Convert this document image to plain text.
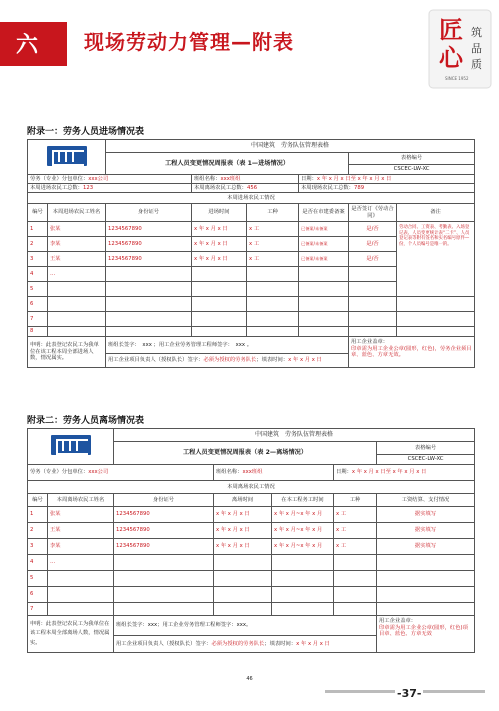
六 现场劳动力管理—附表	匠
心
筑
品
质
SINCE 1952
附录一：劳务人员进场情况表
		中国建筑　劳务队伍管理表格					
		工程人员变更情况周报表（表 1—进场情况）				表格编号	
						CSCEC-LW-XC	
劳务（专业）分包单位：xxx公司			班组名称：xxx班组		日期：x 年 x 月 x 日至 x 年 x 月 x 日		
本周进场农民工总数：123			本周离场农民工总数：456		本周现场农民工总数：789		
本周进场农民工情况							
编号	本周进场农民工姓名	身份证号	进场时间	工种	是否在市建委备案	是否签订《劳动合同》	备注
1	张某	1234567890	x 年 x 月 x 日	x 工	已备案/未备案	是/否	劳动合同、工资表、考勤表、入场登记表、人员变更统计表“二卡”、人员登记表等附有签名和实名编号原件—份，个人员编号是唯一的。
2	李某	1234567890	x 年 x 月 x 日	x 工	已备案/未备案	是/否	
3	王某	1234567890	x 年 x 月 x 日	x 工	已备案/未备案	是/否	
4	…						
5							
6							
7							
8							
申明：此表登记农民工为我单位在该工程本周全部进场人数，情况属实。		班组长签字：　xxx ；用工企业劳务管理工程师签字：　xxx 。				用工企业盖章：
印章需为用工企业公章(圆形，红色)，劳务企业须目章、蓝色、方章无效。	
		用工企业项目负责人（授权队长）签字：必须为授权的劳务队长；填表时间：x 年 x 月 x 日					
附录二：劳务人员离场情况表
		中国建筑　劳务队伍管理表格				
		工程人员变更情况周报表（表 2—离场情况）				表格编号
						CSCEC-LW-XC
劳务（专业）分包单位：xxx公司			班组名称：xxx班组		日期：x 年 x 月 x 日至 x 年 x 月 x 日	
本周离场农民工情况						
编号	本周离场农民工姓名	身份证号	离场时间	在本工程务工时间	工种	工资结算、支付情况
1	张某	1234567890	x 年 x 月 x 日	x 年 x 月~x 年 x 月	x 工	据实填写
2	王某	1234567890	x 年 x 月 x 日	x 年 x 月~x 年 x 月	x 工	据实填写
3	李某	1234567890	x 年 x 月 x 日	x 年 x 月~x 年 x 月	x 工	据实填写
4	…					
5						
6						
7						
申明：此表登记农民工为我单位在该工程本周全部离场人数，情况属实。		班组长签字：xxx；用工企业劳务管理工程师签字：xxx。				用工企业盖章：
印章需为用工企业公章(圆形，红色)项目章、蓝色、方章无效
		用工企业项目负责人（授权队长）签字：必须为授权的劳务队长；填表时间：x 年 x 月 x 日				
46
-37-
